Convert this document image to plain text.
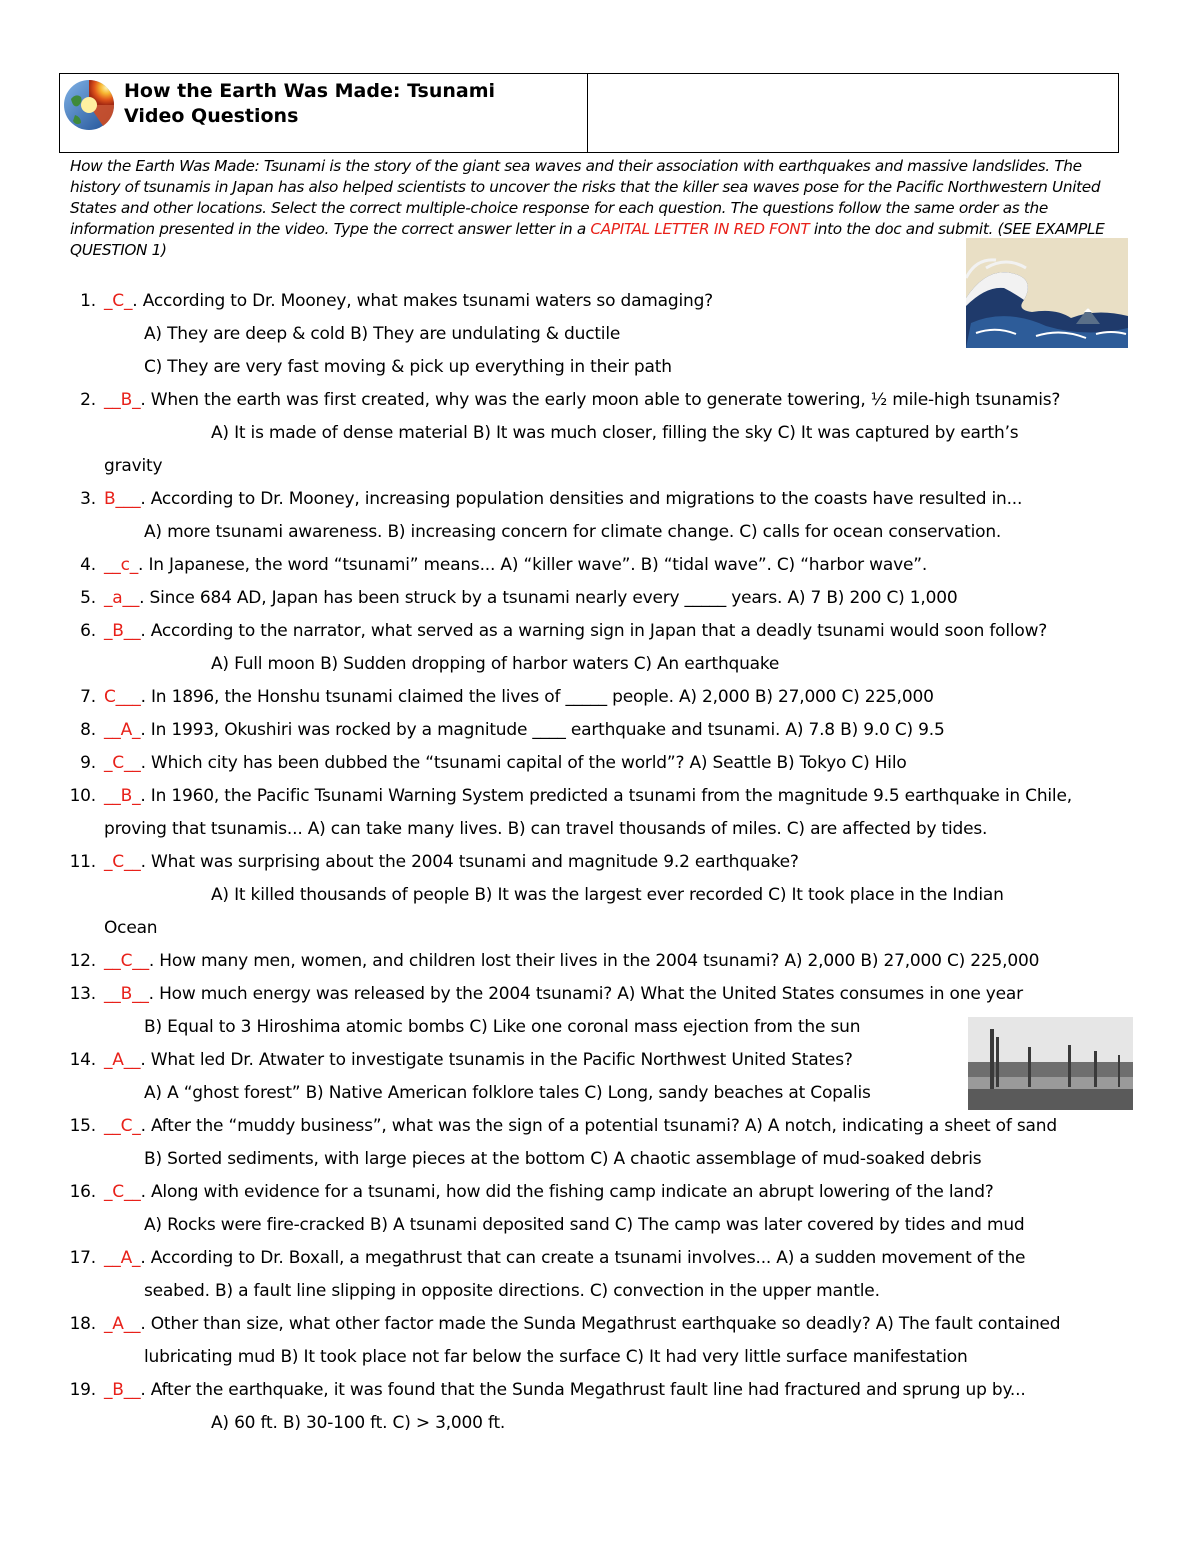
How the Earth Was Made: Tsunami
Video Questions
How the Earth Was Made: Tsunami is the story of the giant sea waves and their association with earthquakes and massive landslides. The history of tsunamis in Japan has also helped scientists to uncover the risks that the killer sea waves pose for the Pacific Northwestern United States and other locations. Select the correct multiple-choice response for each question. The questions follow the same order as the information presented in the video. Type the correct answer letter in a CAPITAL LETTER IN RED FONT into the doc and submit. (SEE EXAMPLE QUESTION 1)
1. _C_. According to Dr. Mooney, what makes tsunami waters so damaging?
A) They are deep & cold B) They are undulating & ductile
C) They are very fast moving & pick up everything in their path
2. __B_. When the earth was first created, why was the early moon able to generate towering, ½ mile-high tsunamis?
A) It is made of dense material B) It was much closer, filling the sky C) It was captured by earth’s
gravity
3. B___. According to Dr. Mooney, increasing population densities and migrations to the coasts have resulted in...
A) more tsunami awareness. B) increasing concern for climate change. C) calls for ocean conservation.
4. __c_. In Japanese, the word “tsunami” means... A) “killer wave”. B) “tidal wave”. C) “harbor wave”.
5. _a__. Since 684 AD, Japan has been struck by a tsunami nearly every _____ years. A) 7 B) 200 C) 1,000
6. _B__. According to the narrator, what served as a warning sign in Japan that a deadly tsunami would soon follow?
A) Full moon B) Sudden dropping of harbor waters C) An earthquake
7. C___. In 1896, the Honshu tsunami claimed the lives of _____ people. A) 2,000 B) 27,000 C) 225,000
8. __A_. In 1993, Okushiri was rocked by a magnitude ____ earthquake and tsunami. A) 7.8 B) 9.0 C) 9.5
9. _C__. Which city has been dubbed the “tsunami capital of the world”? A) Seattle B) Tokyo C) Hilo
10. __B_. In 1960, the Pacific Tsunami Warning System predicted a tsunami from the magnitude 9.5 earthquake in Chile,
proving that tsunamis... A) can take many lives. B) can travel thousands of miles. C) are affected by tides.
11. _C__. What was surprising about the 2004 tsunami and magnitude 9.2 earthquake?
A) It killed thousands of people B) It was the largest ever recorded C) It took place in the Indian
Ocean
12. __C__. How many men, women, and children lost their lives in the 2004 tsunami? A) 2,000 B) 27,000 C) 225,000
13. __B__. How much energy was released by the 2004 tsunami? A) What the United States consumes in one year
B) Equal to 3 Hiroshima atomic bombs C) Like one coronal mass ejection from the sun
14. _A__. What led Dr. Atwater to investigate tsunamis in the Pacific Northwest United States?
A) A “ghost forest” B) Native American folklore tales C) Long, sandy beaches at Copalis
15. __C_. After the “muddy business”, what was the sign of a potential tsunami? A) A notch, indicating a sheet of sand
B) Sorted sediments, with large pieces at the bottom C) A chaotic assemblage of mud-soaked debris
16. _C__. Along with evidence for a tsunami, how did the fishing camp indicate an abrupt lowering of the land?
A) Rocks were fire-cracked B) A tsunami deposited sand C) The camp was later covered by tides and mud
17. __A_. According to Dr. Boxall, a megathrust that can create a tsunami involves... A) a sudden movement of the
seabed. B) a fault line slipping in opposite directions. C) convection in the upper mantle.
18. _A__. Other than size, what other factor made the Sunda Megathrust earthquake so deadly? A) The fault contained
lubricating mud B) It took place not far below the surface C) It had very little surface manifestation
19. _B__. After the earthquake, it was found that the Sunda Megathrust fault line had fractured and sprung up by...
A) 60 ft. B) 30-100 ft. C) > 3,000 ft.
